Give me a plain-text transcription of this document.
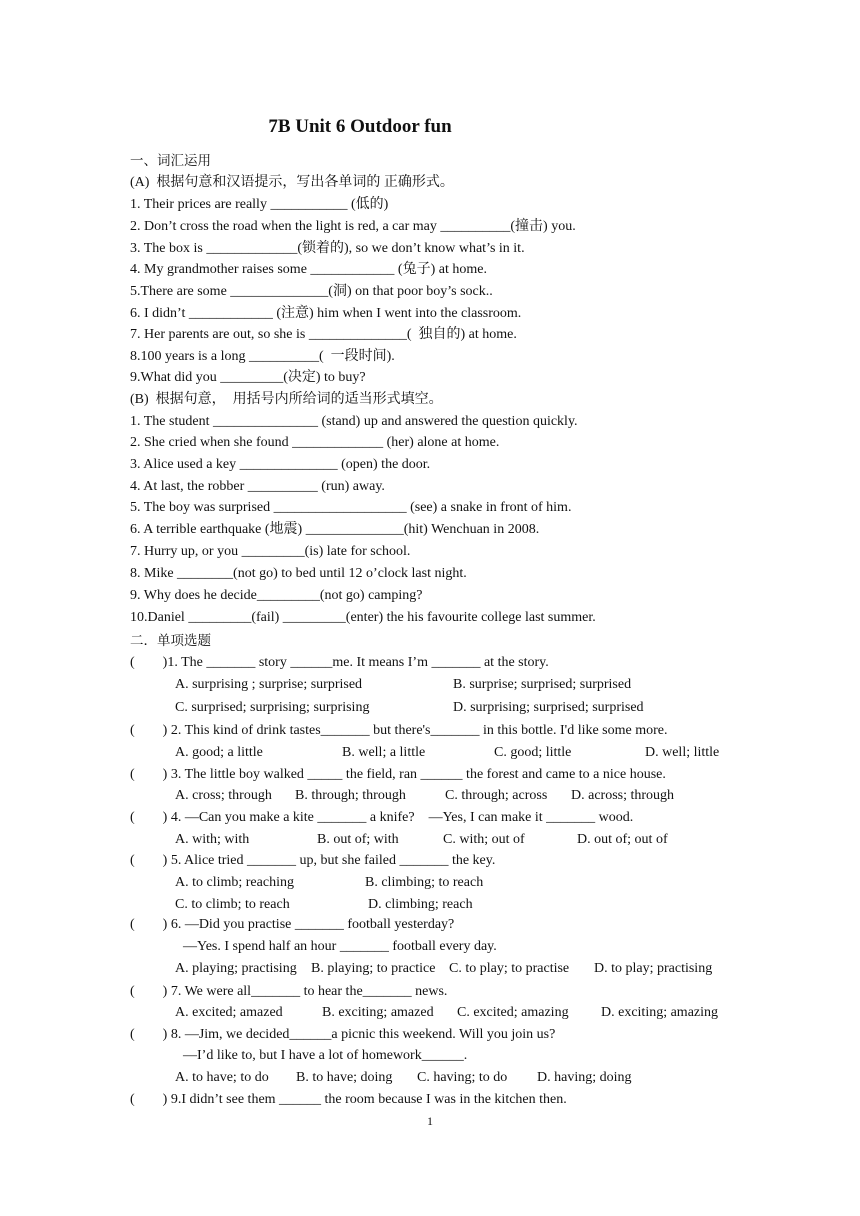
7B Unit 6 Outdoor fun
一、词汇运用
(A)  根据句意和汉语提示，写出各单词的 正确形式。
1. Their prices are really ___________ (低的)
2. Don’t cross the road when the light is red, a car may __________(撞击) you.
3. The box is _____________(锁着的), so we don’t know what’s in it.
4. My grandmother raises some ____________ (兔子) at home.
5.There are some ______________(洞) on that poor boy’s sock..
6. I didn’t ____________ (注意) him when I went into the classroom.
7. Her parents are out, so she is ______________(  独自的) at home.
8.100 years is a long __________(  一段时间).
9.What did you _________(决定) to buy?
(B)  根据句意，  用括号内所给词的适当形式填空。
1. The student _______________ (stand) up and answered the question quickly.
2. She cried when she found _____________ (her) alone at home.
3. Alice used a key ______________ (open) the door.
4. At last, the robber __________ (run) away.
5. The boy was surprised ___________________ (see) a snake in front of him.
6. A terrible earthquake (地震) ______________(hit) Wenchuan in 2008.
7. Hurry up, or you _________(is) late for school.
8. Mike ________(not go) to bed until 12 o’clock last night.
9. Why does he decide_________(not go) camping?
10.Daniel _________(fail) _________(enter) the his favourite college last summer.
二．单项选题
(        )1. The _______ story ______me. It means I’m _______ at the story.
A. surprising ; surprise; surprised	B. surprise; surprised; surprised
C. surprised; surprising; surprising	D. surprising; surprised; surprised
(        ) 2. This kind of drink tastes_______ but there's_______ in this bottle. I'd like some more.
A. good; a little	B. well; a little	C. good; little	D. well; little
(        ) 3. The little boy walked _____ the field, ran ______ the forest and came to a nice house.
A. cross; through B. through; through	C. through; across D. across; through
(        ) 4. —Can you make a kite _______ a knife?    —Yes, I can make it _______ wood.
A. with; with	B. out of; with	C. with; out of	D. out of; out of
(        ) 5. Alice tried _______ up, but she failed _______ the key.
A. to climb; reaching	B. climbing; to reach
C. to climb; to reach	D. climbing; reach
(        ) 6. —Did you practise _______ football yesterday?
—Yes. I spend half an hour _______ football every day.
A. playing; practising B. playing; to practice C. to play; to practise D. to play; practising
(        ) 7. We were all_______ to hear the_______ news.
A. excited; amazed	B. exciting; amazed C. excited; amazing D. exciting; amazing
(        ) 8. —Jim, we decided______a picnic this weekend. Will you join us?
—I’d like to, but I have a lot of homework______.
A. to have; to do B. to have; doing C. having; to do D. having; doing
(        ) 9.I didn’t see them ______ the room because I was in the kitchen then.
1
